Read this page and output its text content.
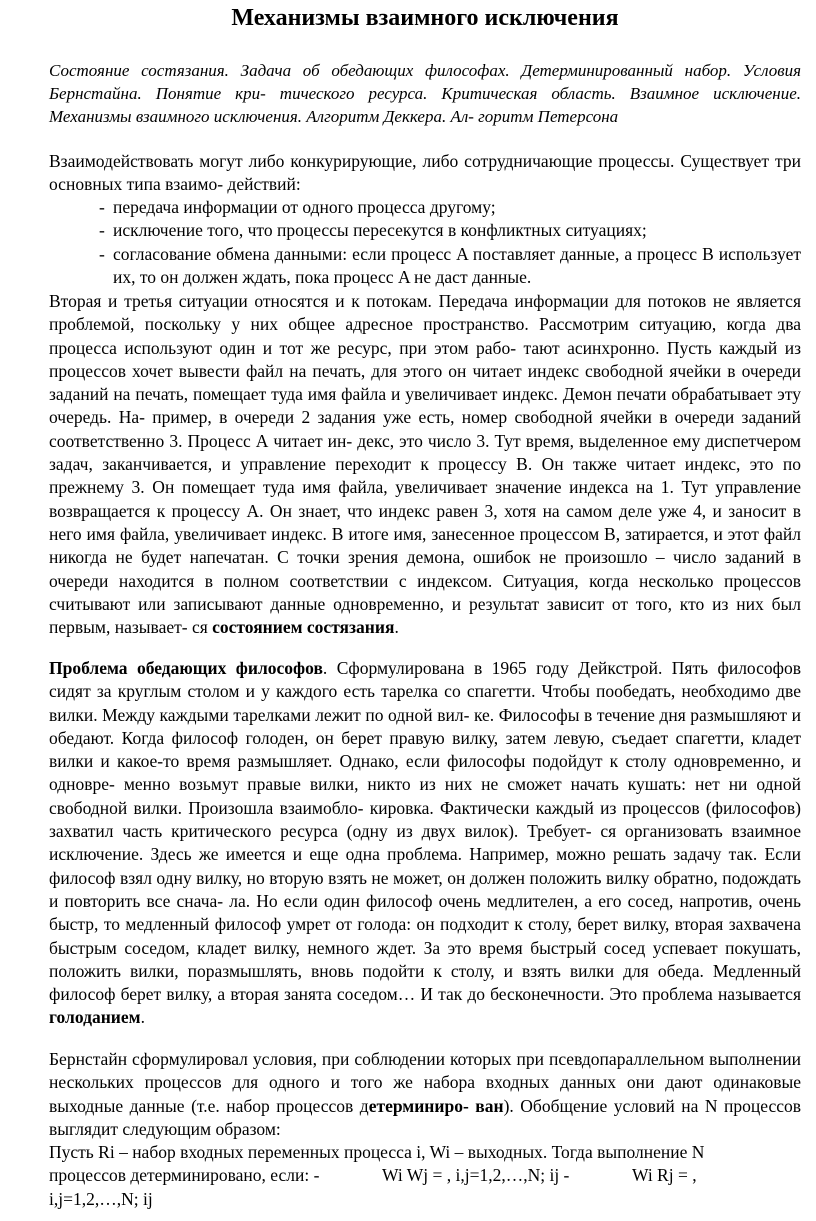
Механизмы взаимного исключения
Состояние состязания. Задача об обедающих философах. Детерминированный набор. Условия Бернстайна. Понятие кри- тического ресурса. Критическая область. Взаимное исключение. Механизмы взаимного исключения. Алгоритм Деккера. Ал- горитм Петерсона
Взаимодействовать могут либо конкурирующие, либо сотрудничающие процессы. Существует три основных типа взаимо- действий:
- передача информации от одного процесса другому;
- исключение того, что процессы пересекутся в конфликтных ситуациях;
- согласование обмена данными: если процесс A поставляет данные, а процесс B использует их, то он должен ждать, пока процесс A не даст данные.
Вторая и третья ситуации относятся и к потокам. Передача информации для потоков не является проблемой, поскольку у них общее адресное пространство. Рассмотрим ситуацию, когда два процесса используют один и тот же ресурс, при этом рабо- тают асинхронно. Пусть каждый из процессов хочет вывести файл на печать, для этого он читает индекс свободной ячейки в очереди заданий на печать, помещает туда имя файла и увеличивает индекс. Демон печати обрабатывает эту очередь. На- пример, в очереди 2 задания уже есть, номер свободной ячейки в очереди заданий соответственно 3. Процесс А читает ин- декс, это число 3. Тут время, выделенное ему диспетчером задач, заканчивается, и управление переходит к процессу B. Он также читает индекс, это по прежнему 3. Он помещает туда имя файла, увеличивает значение индекса на 1. Тут управление возвращается к процессу А. Он знает, что индекс равен 3, хотя на самом деле уже 4, и заносит в него имя файла, увеличивает индекс. В итоге имя, занесенное процессом B, затирается, и этот файл никогда не будет напечатан. С точки зрения демона, ошибок не произошло – число заданий в очереди находится в полном соответствии с индексом. Ситуация, когда несколько процессов считывают или записывают данные одновременно, и результат зависит от того, кто из них был первым, называет- ся состоянием состязания.
Проблема обедающих философов. Сформулирована в 1965 году Дейкстрой. Пять философов сидят за круглым столом и у каждого есть тарелка со спагетти. Чтобы пообедать, необходимо две вилки. Между каждыми тарелками лежит по одной вил- ке. Философы в течение дня размышляют и обедают. Когда философ голоден, он берет правую вилку, затем левую, съедает спагетти, кладет вилки и какое-то время размышляет. Однако, если философы подойдут к столу одновременно, и одновре- менно возьмут правые вилки, никто из них не сможет начать кушать: нет ни одной свободной вилки. Произошла взаимобло- кировка. Фактически каждый из процессов (философов) захватил часть критического ресурса (одну из двух вилок). Требует- ся организовать взаимное исключение. Здесь же имеется и еще одна проблема. Например, можно решать задачу так. Если философ взял одну вилку, но вторую взять не может, он должен положить вилку обратно, подождать и повторить все снача- ла. Но если один философ очень медлителен, а его сосед, напротив, очень быстр, то медленный философ умрет от голода: он подходит к столу, берет вилку, вторая захвачена быстрым соседом, кладет вилку, немного ждет. За это время быстрый сосед успевает покушать, положить вилки, поразмышлять, вновь подойти к столу, и взять вилки для обеда. Медленный философ берет вилку, а вторая занята соседом… И так до бесконечности. Это проблема называется голоданием.
Бернстайн сформулировал условия, при соблюдении которых при псевдопараллельном выполнении нескольких процессов для одного и того же набора входных данных они дают одинаковые выходные данные (т.е. набор процессов детерминиро- ван). Обобщение условий на N процессов выглядит следующим образом:
Пусть Ri – набор входных переменных процесса i, Wi – выходных. Тогда выполнение N
процессов детерминировано, если: -	Wi Wj = , i,j=1,2,…,N; ij -	Wi Rj = ,
i,j=1,2,…,N; ij
